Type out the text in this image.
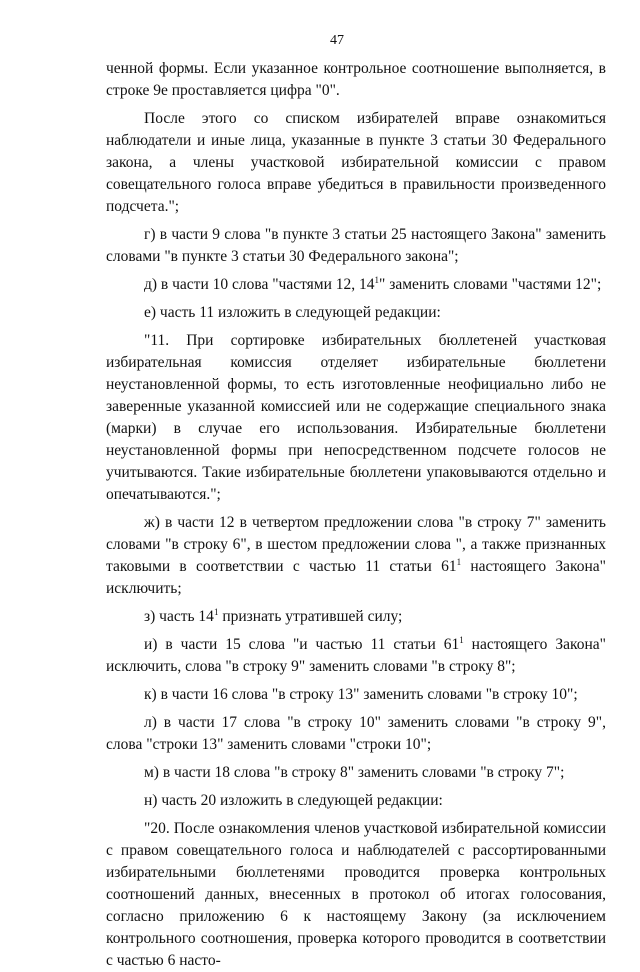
47

ченной формы. Если указанное контрольное соотношение выполняется, в строке 9е проставляется цифра "0".

После этого со списком избирателей вправе ознакомиться наблюдатели и иные лица, указанные в пункте 3 статьи 30 Федерального закона, а члены участковой избирательной комиссии с правом совещательного голоса вправе убедиться в правильности произведенного подсчета.";

г) в части 9 слова "в пункте 3 статьи 25 настоящего Закона" заменить словами "в пункте 3 статьи 30 Федерального закона";

д) в части 10 слова "частями 12, $14^1$" заменить словами "частями 12";

е) часть 11 изложить в следующей редакции:

"11. При сортировке избирательных бюллетеней участковая избирательная комиссия отделяет избирательные бюллетени неустановленной формы, то есть изготовленные неофициально либо не заверенные указанной комиссией или не содержащие специального знака (марки) в случае его использования. Избирательные бюллетени неустановленной формы при непосредственном подсчете голосов не учитываются. Такие избирательные бюллетени упаковываются отдельно и опечатываются.";

ж) в части 12 в четвертом предложении слова "в строку 7" заменить словами "в строку 6", в шестом предложении слова ", а также признанных таковыми в соответствии с частью 11 статьи $61^1$ настоящего Закона" исключить;

з) часть $14^1$ признать утратившей силу;

и) в части 15 слова "и частью 11 статьи $61^1$ настоящего Закона" исключить, слова "в строку 9" заменить словами "в строку 8";

к) в части 16 слова "в строку 13" заменить словами "в строку 10";

л) в части 17 слова "в строку 10" заменить словами "в строку 9", слова "строки 13" заменить словами "строки 10";

м) в части 18 слова "в строку 8" заменить словами "в строку 7";

н) часть 20 изложить в следующей редакции:

"20. После ознакомления членов участковой избирательной комиссии с правом совещательного голоса и наблюдателей с рассортированными избирательными бюллетенями проводится проверка контрольных соотношений данных, внесенных в протокол об итогах голосования, согласно приложению 6 к настоящему Закону (за исключением контрольного соотношения, проверка которого проводится в соответствии с частью 6 насто-
